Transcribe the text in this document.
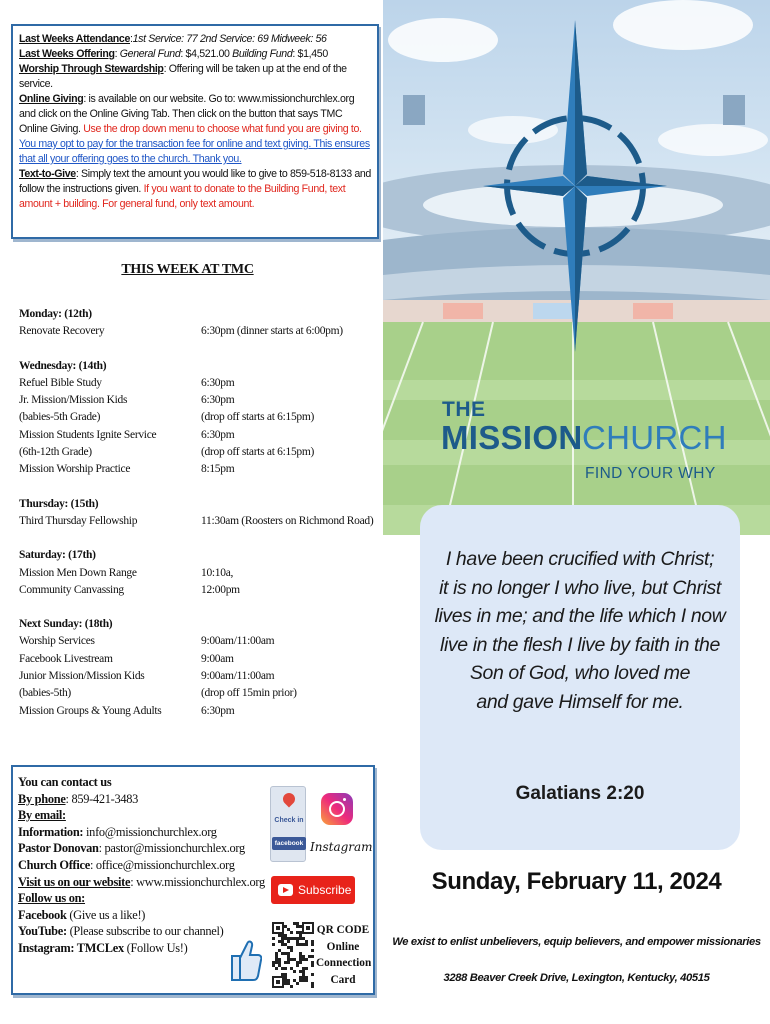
Last Weeks Attendance:1st Service: 77 2nd Service: 69 Midweek: 56

Last Weeks Offering: General Fund: $4,521.00 Building Fund: $1,450

Worship Through Stewardship: Offering will be taken up at the end of the service.

Online Giving: is available on our website. Go to: www.missionchurchlex.org and click on the Online Giving Tab. Then click on the button that says TMC Online Giving. Use the drop down menu to choose what fund you are giving to. You may opt to pay for the transaction fee for online and text giving. This ensures that all your offering goes to the church. Thank you.

Text-to-Give: Simply text the amount you would like to give to 859-518-8133 and follow the instructions given. If you want to donate to the Building Fund, text amount + building. For general fund, only text amount.

THIS WEEK AT TMC
Monday: (12th)
Renovate Recovery	6:30pm (dinner starts at 6:00pm)
Wednesday: (14th)
Refuel Bible Study	6:30pm
Jr. Mission/Mission Kids	6:30pm
(babies-5th Grade)	(drop off starts at 6:15pm)
Mission Students Ignite Service	6:30pm
(6th-12th Grade)	(drop off starts at 6:15pm)
Mission Worship Practice	8:15pm
Thursday: (15th)
Third Thursday Fellowship	11:30am (Roosters on Richmond Road)
Saturday: (17th)
Mission Men Down Range	10:10a,
Community Canvassing	12:00pm
Next Sunday: (18th)
Worship Services	9:00am/11:00am
Facebook Livestream	9:00am
Junior Mission/Mission Kids	9:00am/11:00am
(babies-5th)	(drop off 15min prior)
Mission Groups & Young Adults	6:30pm

You can contact us

By phone: 859-421-3483

By email:

Information: info@missionchurchlex.org

Pastor Donovan: pastor@missionchurchlex.org

Church Office: office@missionchurchlex.org

Visit us on our website: www.missionchurchlex.org

Follow us on:

Facebook (Give us a like!)

YouTube: (Please subscribe to our channel)

Instagram: TMCLex (Follow Us!)

Check in
facebook Instagram
Subscribe
QR CODE
Online
Connection
Card
THE
MISSION CHURCH
FIND YOUR WHY
I have been crucified with Christ;
it is no longer I who live, but Christ
lives in me; and the life which I now
live in the flesh I live by faith in the
Son of God, who loved me
and gave Himself for me.
Galatians 2:20
Sunday, February 11, 2024
We exist to enlist unbelievers, equip believers, and empower missionaries
3288 Beaver Creek Drive, Lexington, Kentucky, 40515
